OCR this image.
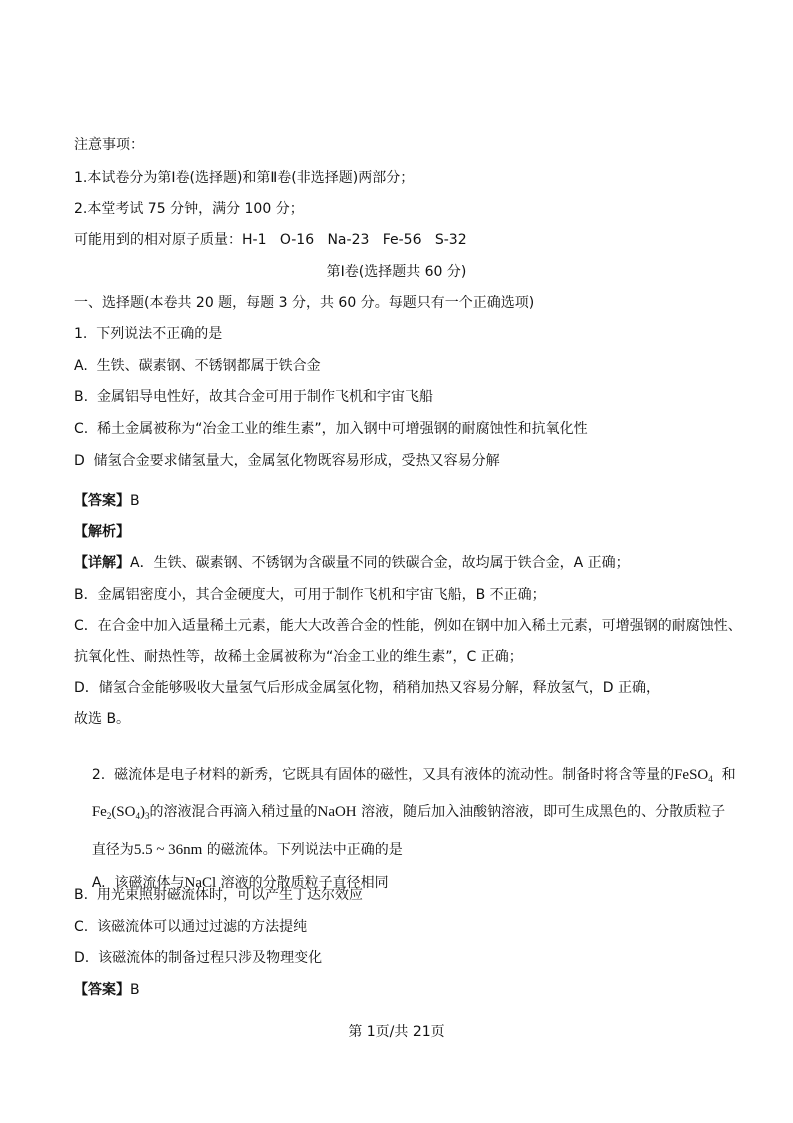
注意事项：
1.本试卷分为第Ⅰ卷(选择题)和第Ⅱ卷(非选择题)两部分；
2.本堂考试 75 分钟，满分 100 分；
可能用到的相对原子质量：H-1   O-16   Na-23   Fe-56   S-32
第Ⅰ卷(选择题共 60 分)
一、选择题(本卷共 20 题，每题 3 分，共 60 分。每题只有一个正确选项)
1.  下列说法不正确的是
A.  生铁、碳素钢、不锈钢都属于铁合金
B.  金属铝导电性好，故其合金可用于制作飞机和宇宙飞船
C.  稀土金属被称为“冶金工业的维生素”，加入钢中可增强钢的耐腐蚀性和抗氧化性
D  储氢合金要求储氢量大，金属氢化物既容易形成，受热又容易分解
【答案】B
【解析】
【详解】A．生铁、碳素钢、不锈钢为含碳量不同的铁碳合金，故均属于铁合金，A 正确；
B．金属铝密度小，其合金硬度大，可用于制作飞机和宇宙飞船，B 不正确；
C．在合金中加入适量稀土元素，能大大改善合金的性能，例如在钢中加入稀土元素，可增强钢的耐腐蚀性、
抗氧化性、耐热性等，故稀土金属被称为“冶金工业的维生素”，C 正确；
D．储氢合金能够吸收大量氢气后形成金属氢化物，稍稍加热又容易分解，释放氢气，D 正确，
故选 B。

2.  磁流体是电子材料的新秀，它既具有固体的磁性，又具有液体的流动性。制备时将含等量的FeSO$_4$  和

$Fe_2(SO_4)_3$的溶液混合再滴入稍过量的NaOH 溶液，随后加入油酸钠溶液，即可生成黑色的、分散质粒子

直径为5.5 ~ 36nm 的磁流体。下列说法中正确的是

A.  该磁流体与NaCl 溶液的分散质粒子直径相同

B.  用光束照射磁流体时，可以产生丁达尔效应
C.  该磁流体可以通过过滤的方法提纯
D.  该磁流体的制备过程只涉及物理变化
【答案】B
第 1页/共 21页
